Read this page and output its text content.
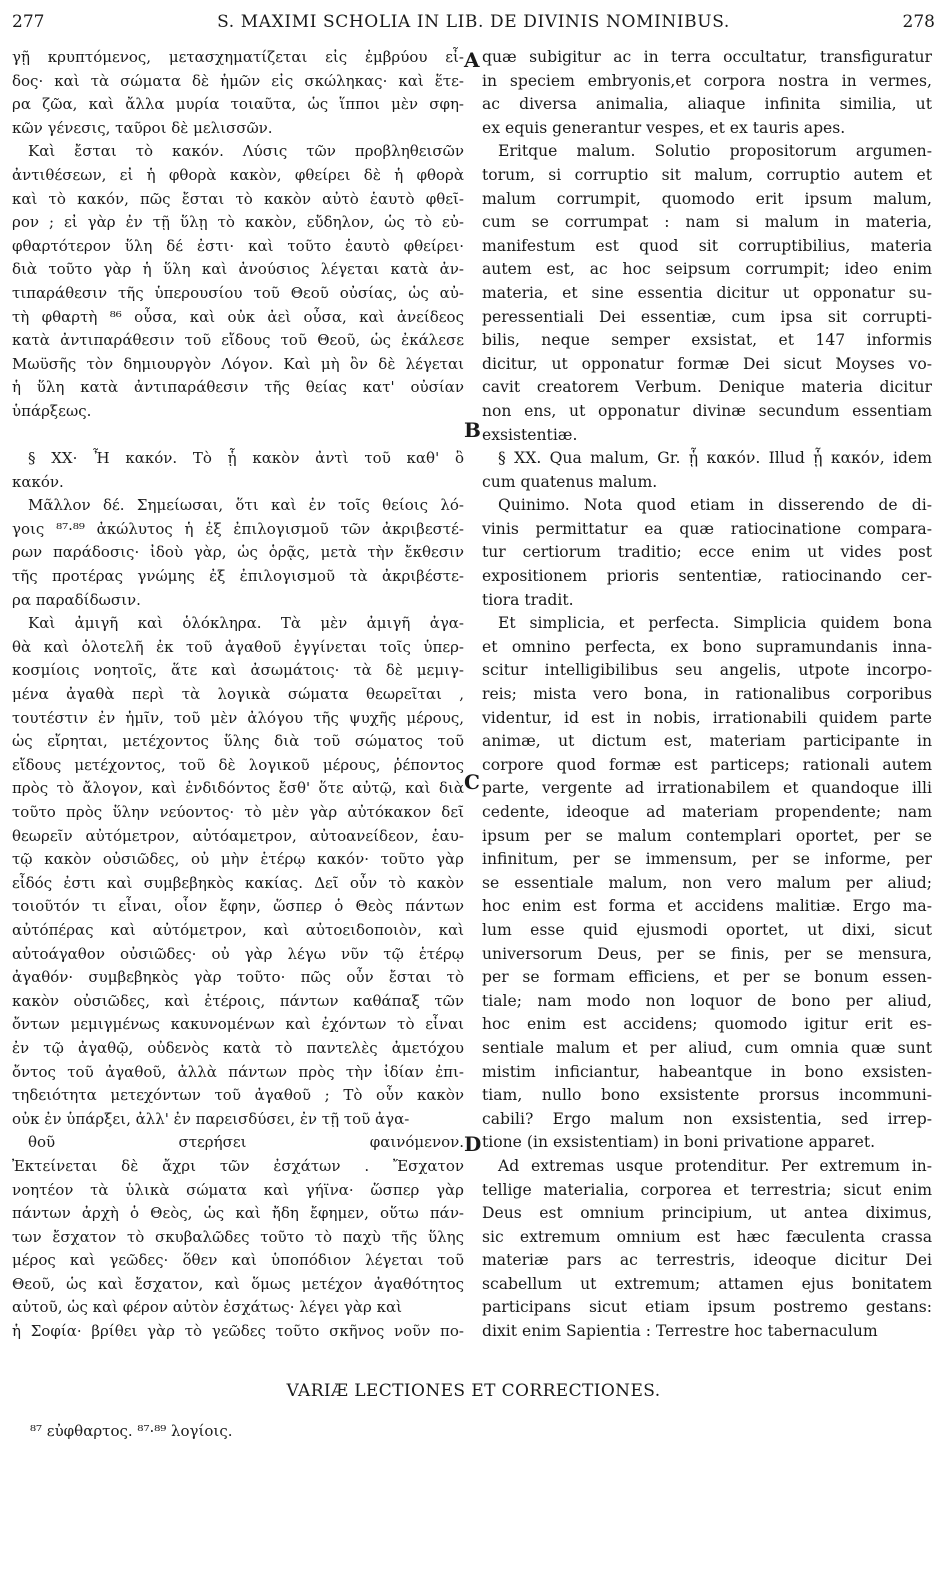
277	S. MAXIMI SCHOLIA IN LIB. DE DIVINIS NOMINIBUS.	278

γῇ κρυπτόμενος, μετασχηματίζεται εἰς ἐμβρύου εἶ-

δος· καὶ τὰ σώματα δὲ ἡμῶν εἰς σκώληκας· καὶ ἕτε-

ρα ζῶα, καὶ ἄλλα μυρία τοιαῦτα, ὡς ἵπποι μὲν σφη-

κῶν γένεσις, ταῦροι δὲ μελισσῶν.

Καὶ ἔσται τὸ κακόν. Λύσις τῶν προβληθεισῶν

ἀντιθέσεων, εἰ ἡ φθορὰ κακὸν, φθείρει δὲ ἡ φθορὰ

καὶ τὸ κακόν, πῶς ἔσται τὸ κακὸν αὐτὸ ἑαυτὸ φθεῖ-

ρον ; εἰ γὰρ ἐν τῇ ὕλῃ τὸ κακὸν, εὔδηλον, ὡς τὸ εὐ-

φθαρτότερον ὕλη δέ ἐστι· καὶ τοῦτο ἑαυτὸ φθείρει·

διὰ τοῦτο γὰρ ἡ ὕλη καὶ ἀνούσιος λέγεται κατὰ ἀν-

τιπαράθεσιν τῆς ὑπερουσίου τοῦ Θεοῦ οὐσίας, ὡς αὐ-

τὴ φθαρτὴ ⁸⁶ οὖσα, καὶ οὐκ ἀεὶ οὖσα, καὶ ἀνείδεος

κατὰ ἀντιπαράθεσιν τοῦ εἴδους τοῦ Θεοῦ, ὡς ἐκάλεσε

Μωϋσῆς τὸν δημιουργὸν Λόγον. Καὶ μὴ ὂν δὲ λέγεται

ἡ ὕλη κατὰ ἀντιπαράθεσιν τῆς θείας κατ' οὐσίαν

ὑπάρξεως.

§ ΧΧ· Ἦ κακόν. Τὸ ᾗ κακὸν ἀντὶ τοῦ καθ' ὃ

κακόν.

Μᾶλλον δέ. Σημείωσαι, ὅτι καὶ ἐν τοῖς θείοις λό-

γοις ⁸⁷·⁸⁹ ἀκώλυτος ἡ ἐξ ἐπιλογισμοῦ τῶν ἀκριβεστέ-

ρων παράδοσις· ἰδοὺ γὰρ, ὡς ὁρᾷς, μετὰ τὴν ἔκθεσιν

τῆς προτέρας γνώμης ἐξ ἐπιλογισμοῦ τὰ ἀκριβέστε-

ρα παραδίδωσιν.

Καὶ ἀμιγῆ καὶ ὁλόκληρα. Τὰ μὲν ἀμιγῆ ἀγα-

θὰ καὶ ὁλοτελῆ ἐκ τοῦ ἀγαθοῦ ἐγγίνεται τοῖς ὑπερ-

κοσμίοις νοητοῖς, ἅτε καὶ ἀσωμάτοις· τὰ δὲ μεμιγ-

μένα ἀγαθὰ περὶ τὰ λογικὰ σώματα θεωρεῖται ,

τουτέστιν ἐν ἡμῖν, τοῦ μὲν ἀλόγου τῆς ψυχῆς μέρους,

ὡς εἴρηται, μετέχοντος ὕλης διὰ τοῦ σώματος τοῦ

εἴδους μετέχοντος, τοῦ δὲ λογικοῦ μέρους, ῥέποντος

πρὸς τὸ ἄλογον, καὶ ἐνδιδόντος ἔσθ' ὅτε αὐτῷ, καὶ διὰ

τοῦτο πρὸς ὕλην νεύοντος· τὸ μὲν γὰρ αὐτόκακον δεῖ

θεωρεῖν αὐτόμετρον, αὐτόαμετρον, αὐτοανείδεον, ἑαυ-

τῷ κακὸν οὐσιῶδες, οὐ μὴν ἑτέρῳ κακόν· τοῦτο γὰρ

εἶδός ἐστι καὶ συμβεβηκὸς κακίας. Δεῖ οὖν τὸ κακὸν

τοιοῦτόν τι εἶναι, οἷον ἔφην, ὥσπερ ὁ Θεὸς πάντων

αὐτόπέρας καὶ αὐτόμετρον, καὶ αὐτοειδοποιὸν, καὶ

αὐτοάγαθον οὐσιῶδες· οὐ γὰρ λέγω νῦν τῷ ἑτέρῳ

ἀγαθόν· συμβεβηκὸς γὰρ τοῦτο· πῶς οὖν ἔσται τὸ

κακὸν οὐσιῶδες, καὶ ἑτέροις, πάντων καθάπαξ τῶν

ὄντων μεμιγμένως κακυνομένων καὶ ἐχόντων τὸ εἶναι

ἐν τῷ ἀγαθῷ, οὐδενὸς κατὰ τὸ παντελὲς ἀμετόχου

ὄντος τοῦ ἀγαθοῦ, ἀλλὰ πάντων πρὸς τὴν ἰδίαν ἐπι-

τηδειότητα μετεχόντων τοῦ ἀγαθοῦ ; Τὸ οὖν κακὸν

οὐκ ἐν ὑπάρξει, ἀλλ' ἐν παρεισδύσει, ἐν τῇ τοῦ ἀγα-

θοῦ στερήσει φαινόμενον.

Ἐκτείνεται δὲ ἄχρι τῶν ἐσχάτων . Ἔσχατον

νοητέον τὰ ὑλικὰ σώματα καὶ γήϊνα· ὥσπερ γὰρ

πάντων ἀρχὴ ὁ Θεὸς, ὡς καὶ ἤδη ἔφημεν, οὕτω πάν-

των ἔσχατον τὸ σκυβαλῶδες τοῦτο τὸ παχὺ τῆς ὕλης

μέρος καὶ γεῶδες· ὅθεν καὶ ὑποπόδιον λέγεται τοῦ

Θεοῦ, ὡς καὶ ἔσχατον, καὶ ὅμως μετέχον ἀγαθότητος

αὐτοῦ, ὡς καὶ φέρον αὐτὸν ἐσχάτως· λέγει γὰρ καὶ

ἡ Σοφία· βρίθει γὰρ τὸ γεῶδες τοῦτο σκῆνος νοῦν πο-

quæ subigitur ac in terra occultatur, transfiguratur

in speciem embryonis,et corpora nostra in vermes,

ac diversa animalia, aliaque infinita similia, ut

ex equis generantur vespes, et ex tauris apes.

Eritque malum. Solutio propositorum argumen-

torum, si corruptio sit malum, corruptio autem et

malum corrumpit, quomodo erit ipsum malum,

cum se corrumpat : nam si malum in materia,

manifestum est quod sit corruptibilius, materia

autem est, ac hoc seipsum corrumpit; ideo enim

materia, et sine essentia dicitur ut opponatur su-

peressentiali Dei essentiæ, cum ipsa sit corrupti-

bilis, neque semper exsistat, et 147 informis

dicitur, ut opponatur formæ Dei sicut Moyses vo-

cavit creatorem Verbum. Denique materia dicitur

non ens, ut opponatur divinæ secundum essentiam

exsistentiæ.

§ XX. Qua malum, Gr. ᾗ κακόν. Illud ᾗ κακόν, idem

cum quatenus malum.

Quinimo. Nota quod etiam in disserendo de di-

vinis permittatur ea quæ ratiocinatione compara-

tur certiorum traditio; ecce enim ut vides post

expositionem prioris sententiæ, ratiocinando cer-

tiora tradit.

Et simplicia, et perfecta. Simplicia quidem bona

et omnino perfecta, ex bono supramundanis inna-

scitur intelligibilibus seu angelis, utpote incorpo-

reis; mista vero bona, in rationalibus corporibus

videntur, id est in nobis, irrationabili quidem parte

animæ, ut dictum est, materiam participante in

corpore quod formæ est particeps; rationali autem

parte, vergente ad irrationabilem et quandoque illi

cedente, ideoque ad materiam propendente; nam

ipsum per se malum contemplari oportet, per se

infinitum, per se immensum, per se informe, per

se essentiale malum, non vero malum per aliud;

hoc enim est forma et accidens malitiæ. Ergo ma-

lum esse quid ejusmodi oportet, ut dixi, sicut

universorum Deus, per se finis, per se mensura,

per se formam efficiens, et per se bonum essen-

tiale; nam modo non loquor de bono per aliud,

hoc enim est accidens; quomodo igitur erit es-

sentiale malum et per aliud, cum omnia quæ sunt

mistim inficiantur, habeantque in bono exsisten-

tiam, nullo bono exsistente prorsus incommuni-

cabili? Ergo malum non exsistentia, sed irrep-

tione (in exsistentiam) in boni privatione apparet.

Ad extremas usque protenditur. Per extremum in-

tellige materialia, corporea et terrestria; sicut enim

Deus est omnium principium, ut antea diximus,

sic extremum omnium est hæc fæculenta crassa

materiæ pars ac terrestris, ideoque dicitur Dei

scabellum ut extremum; attamen ejus bonitatem

participans sicut etiam ipsum postremo gestans:

dixit enim Sapientia : Terrestre hoc tabernaculum

A
B
C
D
VARIÆ LECTIONES ET CORRECTIONES.
⁸⁷ εὐφθαρτος. ⁸⁷·⁸⁹ λογίοις.
